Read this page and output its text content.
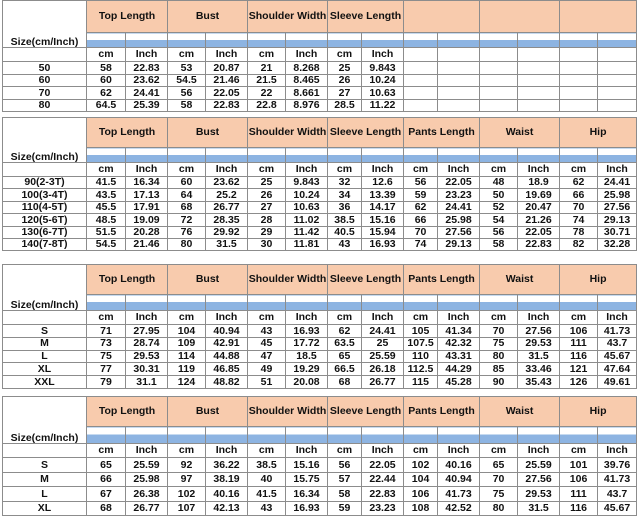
Size(cm/Inch)	Top Length		Bust		Shoulder Width		Sleeve Length							

	cm	Inch	cm	Inch	cm	Inch	cm	Inch						
50	58	22.83	53	20.87	21	8.268	25	9.843						
60	60	23.62	54.5	21.46	21.5	8.465	26	10.24						
70	62	24.41	56	22.05	22	8.661	27	10.63						
80	64.5	25.39	58	22.83	22.8	8.976	28.5	11.22						
Size(cm/Inch)	Top Length		Bust		Shoulder Width		Sleeve Length		Pants Length		Waist		Hip	

	cm	Inch	cm	Inch	cm	Inch	cm	Inch	cm	Inch	cm	Inch	cm	Inch
90(2-3T)	41.5	16.34	60	23.62	25	9.843	32	12.6	56	22.05	48	18.9	62	24.41
100(3-4T)	43.5	17.13	64	25.2	26	10.24	34	13.39	59	23.23	50	19.69	66	25.98
110(4-5T)	45.5	17.91	68	26.77	27	10.63	36	14.17	62	24.41	52	20.47	70	27.56
120(5-6T)	48.5	19.09	72	28.35	28	11.02	38.5	15.16	66	25.98	54	21.26	74	29.13
130(6-7T)	51.5	20.28	76	29.92	29	11.42	40.5	15.94	70	27.56	56	22.05	78	30.71
140(7-8T)	54.5	21.46	80	31.5	30	11.81	43	16.93	74	29.13	58	22.83	82	32.28
Size(cm/Inch)	Top Length		Bust		Shoulder Width		Sleeve Length		Pants Length		Waist		Hip	

	cm	Inch	cm	Inch	cm	Inch	cm	Inch	cm	Inch	cm	Inch	cm	Inch
S	71	27.95	104	40.94	43	16.93	62	24.41	105	41.34	70	27.56	106	41.73
M	73	28.74	109	42.91	45	17.72	63.5	25	107.5	42.32	75	29.53	111	43.7
L	75	29.53	114	44.88	47	18.5	65	25.59	110	43.31	80	31.5	116	45.67
XL	77	30.31	119	46.85	49	19.29	66.5	26.18	112.5	44.29	85	33.46	121	47.64
XXL	79	31.1	124	48.82	51	20.08	68	26.77	115	45.28	90	35.43	126	49.61
Size(cm/Inch)	Top Length		Bust		Shoulder Width		Sleeve Length		Pants Length		Waist		Hip	

	cm	Inch	cm	Inch	cm	Inch	cm	Inch	cm	Inch	cm	Inch	cm	Inch
S	65	25.59	92	36.22	38.5	15.16	56	22.05	102	40.16	65	25.59	101	39.76
M	66	25.98	97	38.19	40	15.75	57	22.44	104	40.94	70	27.56	106	41.73
L	67	26.38	102	40.16	41.5	16.34	58	22.83	106	41.73	75	29.53	111	43.7
XL	68	26.77	107	42.13	43	16.93	59	23.23	108	42.52	80	31.5	116	45.67
